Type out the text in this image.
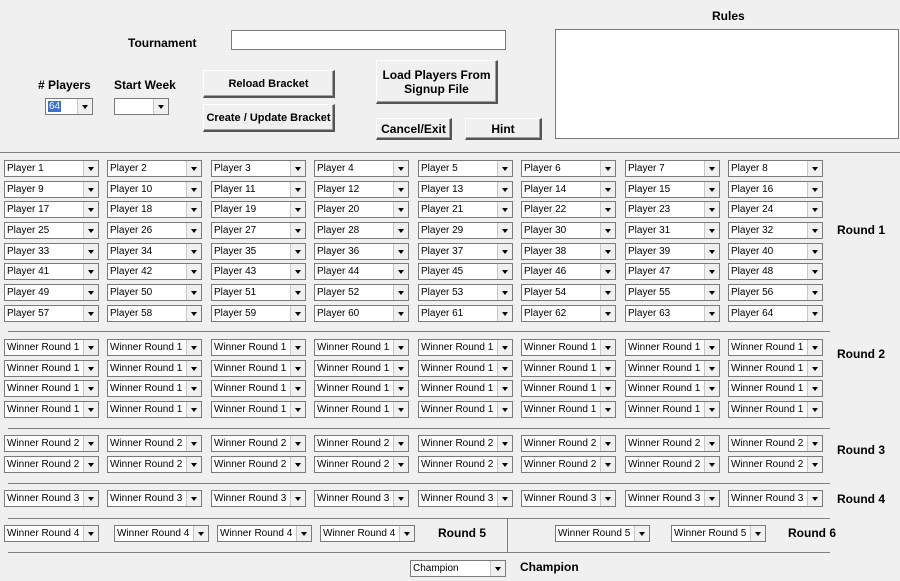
Tournament
Rules
# Players
64
Start Week	Reload Bracket
Create / Update Bracket
Load Players From Signup File
Cancel/Exit	Hint
Round 1
Round 2
Round 3
Round 4
Round 5	Round 6
Champion
Player 1	Player 2	Player 3	Player 4	Player 5	Player 6	Player 7	Player 8
Player 9	Player 10	Player 11	Player 12	Player 13	Player 14	Player 15	Player 16
Player 17	Player 18	Player 19	Player 20	Player 21	Player 22	Player 23	Player 24
Player 25	Player 26	Player 27	Player 28	Player 29	Player 30	Player 31	Player 32
Player 33	Player 34	Player 35	Player 36	Player 37	Player 38	Player 39	Player 40
Player 41	Player 42	Player 43	Player 44	Player 45	Player 46	Player 47	Player 48
Player 49	Player 50	Player 51	Player 52	Player 53	Player 54	Player 55	Player 56
Player 57	Player 58	Player 59	Player 60	Player 61	Player 62	Player 63	Player 64
Winner Round 1	Winner Round 1	Winner Round 1	Winner Round 1	Winner Round 1	Winner Round 1	Winner Round 1	Winner Round 1
Winner Round 1	Winner Round 1	Winner Round 1	Winner Round 1	Winner Round 1	Winner Round 1	Winner Round 1	Winner Round 1
Winner Round 1	Winner Round 1	Winner Round 1	Winner Round 1	Winner Round 1	Winner Round 1	Winner Round 1	Winner Round 1
Winner Round 1	Winner Round 1	Winner Round 1	Winner Round 1	Winner Round 1	Winner Round 1	Winner Round 1	Winner Round 1
Winner Round 2	Winner Round 2	Winner Round 2	Winner Round 2	Winner Round 2	Winner Round 2	Winner Round 2	Winner Round 2
Winner Round 2	Winner Round 2	Winner Round 2	Winner Round 2	Winner Round 2	Winner Round 2	Winner Round 2	Winner Round 2
Winner Round 3	Winner Round 3	Winner Round 3	Winner Round 3	Winner Round 3	Winner Round 3	Winner Round 3	Winner Round 3
Winner Round 4	Winner Round 4	Winner Round 4	Winner Round 4	Winner Round 5	Winner Round 5
Champion
